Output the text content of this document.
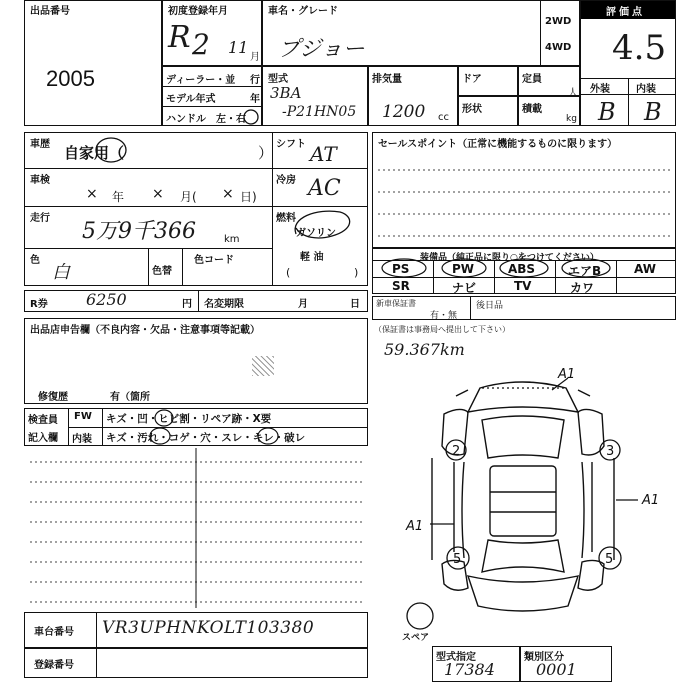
出品番号
2005
初度登録年月
R 2 11
月
車名・グレード
プジョー
2WD
4WD
評価点
4.5
外装	内装
B B
ディーラー・並 行
モデル年式	年
ハンドル 左・右
型式
3BA
-P21HN05
排気量
1200 cc
ドア
形状
定員
人
積載
kg
車歴 自家用（	）
車検
× 年 × 月( × 日)
走行
5万9千366	km
色
白	色替
色コード
シフト AT
冷房 AC
燃料
ガソリン
軽 油
(	)
R券 6250	円 名変期限	月	日
出品店申告欄（不良内容・欠品・注意事項等記載）
修復歴	有（箇所
検査員
記入欄
FW キズ・凹・ヒビ割・リペア跡・X要
内装 キズ・汚れ・コゲ・穴・スレ・キレ・破レ
車台番号 VR3UPHNKOLT103380
登録番号
セールスポイント（正常に機能するものに限ります）
装備品（純正品に限り○をつけてください）
PS	PW	ABS	エアB	AW
SR	ナビ	TV	カワ
新車保証書
有・無
後日品
（保証書は事務局へ提出して下さい）
59.367km
2	3
5	5
A1
A1
A1
スペア
型式指定
17384
類別区分
0001
